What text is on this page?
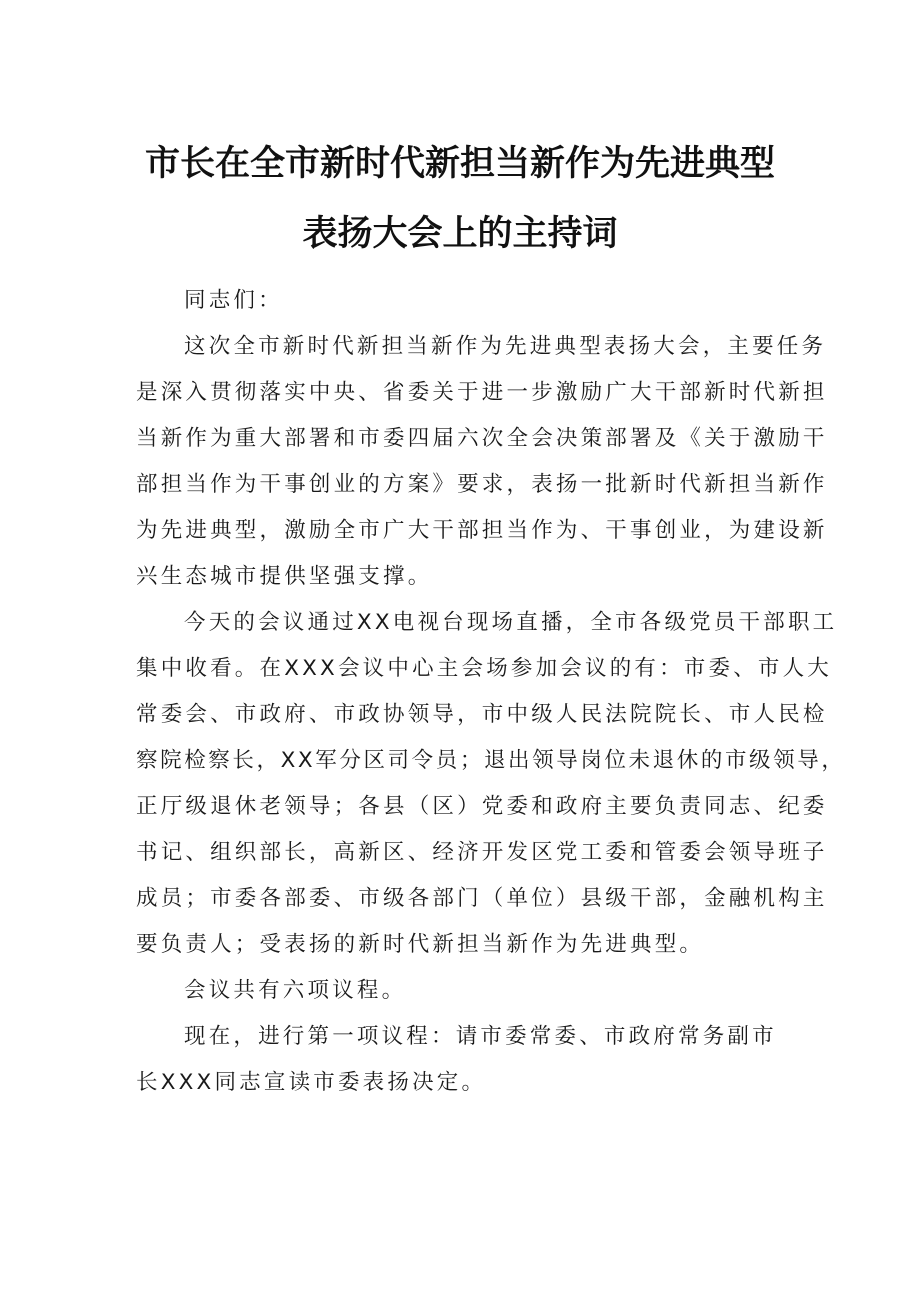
市长在全市新时代新担当新作为先进典型
表扬大会上的主持词
同志们：
这次全市新时代新担当新作为先进典型表扬大会，主要任务
是深入贯彻落实中央、省委关于进一步激励广大干部新时代新担
当新作为重大部署和市委四届六次全会决策部署及《关于激励干
部担当作为干事创业的方案》要求，表扬一批新时代新担当新作
为先进典型，激励全市广大干部担当作为、干事创业，为建设新
兴生态城市提供坚强支撑。
今天的会议通过XX电视台现场直播，全市各级党员干部职工
集中收看。在XXX会议中心主会场参加会议的有：市委、市人大
常委会、市政府、市政协领导，市中级人民法院院长、市人民检
察院检察长，XX军分区司令员；退出领导岗位未退休的市级领导，
正厅级退休老领导；各县（区）党委和政府主要负责同志、纪委
书记、组织部长，高新区、经济开发区党工委和管委会领导班子
成员；市委各部委、市级各部门（单位）县级干部，金融机构主
要负责人；受表扬的新时代新担当新作为先进典型。
会议共有六项议程。
现在，进行第一项议程：请市委常委、市政府常务副市
长XXX同志宣读市委表扬决定。
